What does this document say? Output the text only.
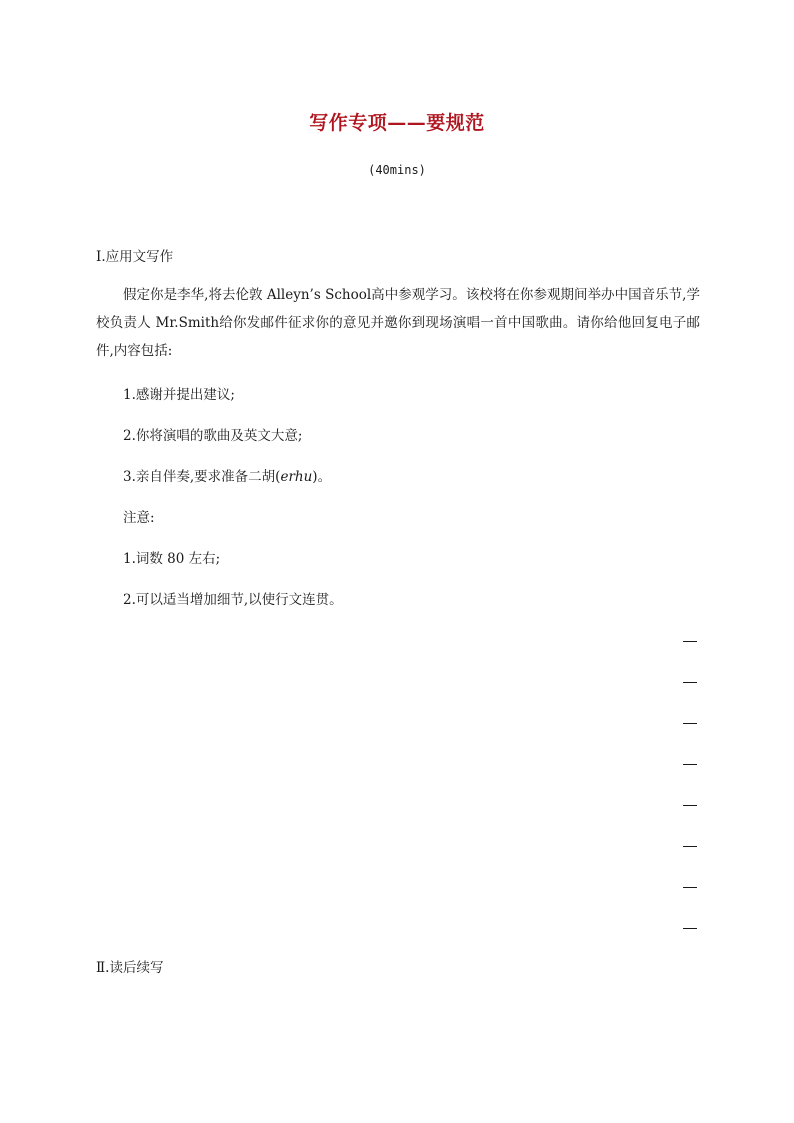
写作专项——要规范
(40mins)
Ⅰ.应用文写作
假定你是李华,将去伦敦 Alleyn’s School高中参观学习。该校将在你参观期间举办中国音乐节,学校负责人 Mr.Smith给你发邮件征求你的意见并邀你到现场演唱一首中国歌曲。请你给他回复电子邮件,内容包括:
1.感谢并提出建议;
2.你将演唱的歌曲及英文大意;
3.亲自伴奏,要求准备二胡(erhu)。
注意:
1.词数 80 左右;
2.可以适当增加细节,以使行文连贯。
Ⅱ.读后续写
